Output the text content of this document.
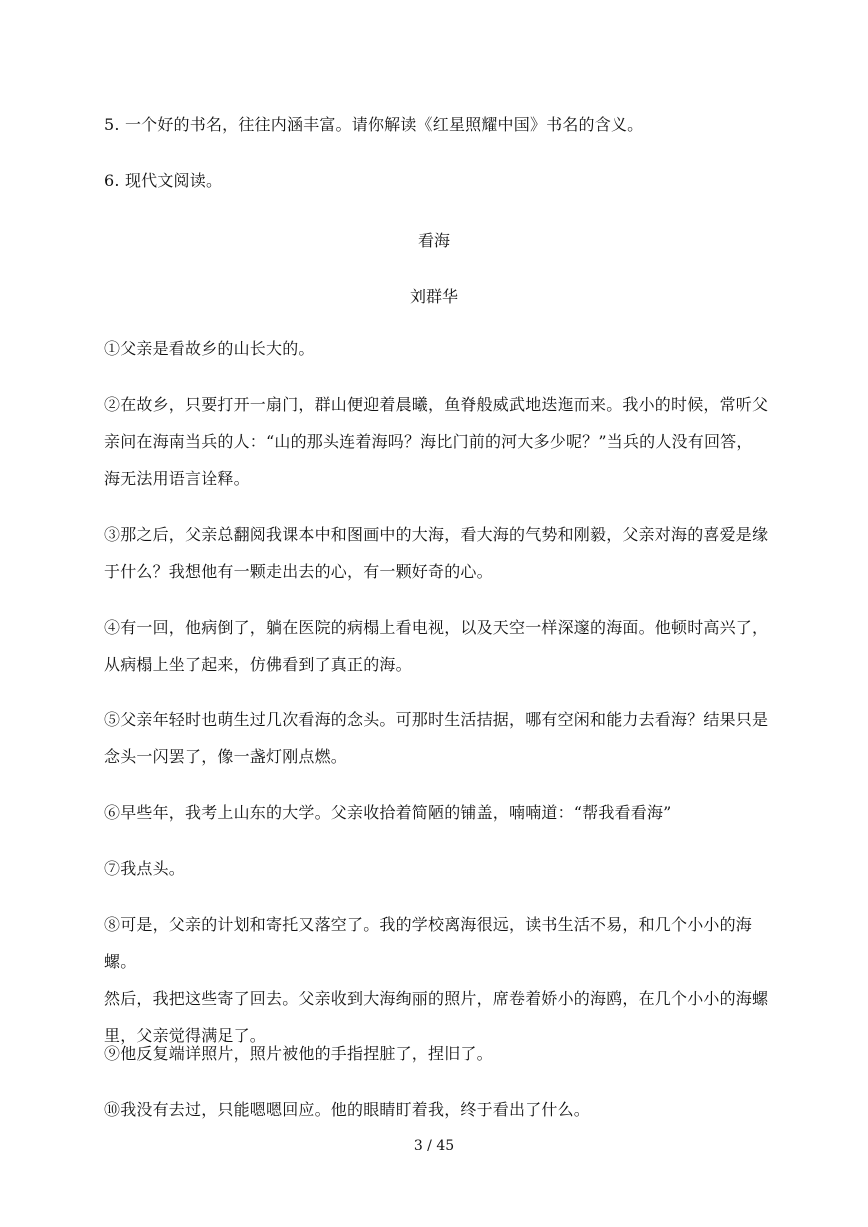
5. 一个好的书名，往往内涵丰富。请你解读《红星照耀中国》书名的含义。
6. 现代文阅读。
看海
刘群华
①父亲是看故乡的山长大的。
②在故乡，只要打开一扇门，群山便迎着晨曦，鱼脊般威武地迭迤而来。我小的时候，常听父
亲问在海南当兵的人：“山的那头连着海吗？海比门前的河大多少呢？”当兵的人没有回答，
海无法用语言诠释。
③那之后，父亲总翻阅我课本中和图画中的大海，看大海的气势和刚毅，父亲对海的喜爱是缘
于什么？我想他有一颗走出去的心，有一颗好奇的心。
④有一回，他病倒了，躺在医院的病榻上看电视，以及天空一样深邃的海面。他顿时高兴了，
从病榻上坐了起来，仿佛看到了真正的海。
⑤父亲年轻时也萌生过几次看海的念头。可那时生活拮据，哪有空闲和能力去看海？结果只是
念头一闪罢了，像一盏灯刚点燃。
⑥早些年，我考上山东的大学。父亲收拾着简陋的铺盖，喃喃道：“帮我看看海”
⑦我点头。
⑧可是，父亲的计划和寄托又落空了。我的学校离海很远，读书生活不易，和几个小小的海螺。
然后，我把这些寄了回去。父亲收到大海绚丽的照片，席卷着娇小的海鸥，在几个小小的海螺
里，父亲觉得满足了。
⑨他反复端详照片，照片被他的手指捏脏了，捏旧了。
⑩我没有去过，只能嗯嗯回应。他的眼睛盯着我，终于看出了什么。
3 / 45
